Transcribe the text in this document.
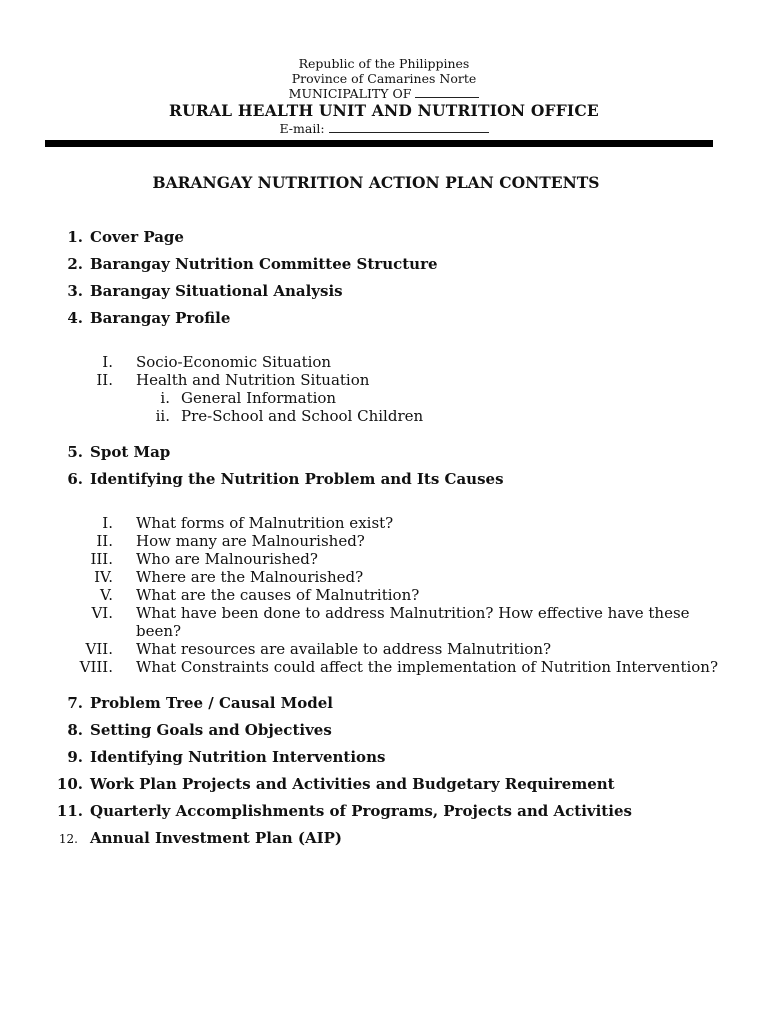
Republic of the Philippines
Province of Camarines Norte
MUNICIPALITY OF
RURAL HEALTH UNIT AND NUTRITION OFFICE
E-mail:
BARANGAY NUTRITION ACTION PLAN CONTENTS
1. Cover Page
2. Barangay Nutrition Committee Structure
3. Barangay Situational Analysis
4. Barangay Profile
I. Socio-Economic Situation
II. Health and Nutrition Situation
i. General Information
ii. Pre-School and School Children
5. Spot Map
6. Identifying the Nutrition Problem and Its Causes
I. What forms of Malnutrition exist?
II. How many are Malnourished?
III. Who are Malnourished?
IV. Where are the Malnourished?
V. What are the causes of Malnutrition?
VI. What have been done to address Malnutrition? How effective have these
been?
VII. What resources are available to address Malnutrition?
VIII. What Constraints could affect the implementation of Nutrition Intervention?
7. Problem Tree / Causal Model
8. Setting Goals and Objectives
9. Identifying Nutrition Interventions
10. Work Plan Projects and Activities and Budgetary Requirement
11. Quarterly Accomplishments of Programs, Projects and Activities
12. Annual Investment Plan (AIP)
